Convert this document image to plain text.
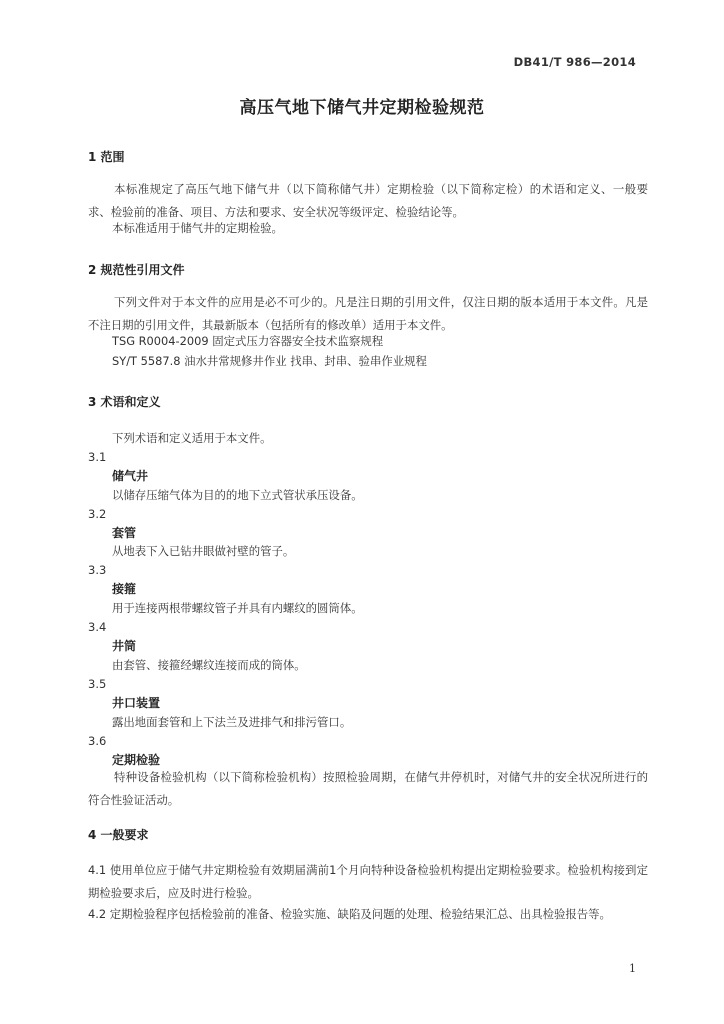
DB41/T 986—2014
高压气地下储气井定期检验规范
1 范围
本标准规定了高压气地下储气井（以下简称储气井）定期检验（以下简称定检）的术语和定义、一般要求、检验前的准备、项目、方法和要求、安全状况等级评定、检验结论等。
本标准适用于储气井的定期检验。
2 规范性引用文件
下列文件对于本文件的应用是必不可少的。凡是注日期的引用文件，仅注日期的版本适用于本文件。凡是不注日期的引用文件，其最新版本（包括所有的修改单）适用于本文件。
TSG R0004-2009 固定式压力容器安全技术监察规程
SY/T 5587.8 油水井常规修井作业 找串、封串、验串作业规程
3 术语和定义
下列术语和定义适用于本文件。
3.1
储气井
以储存压缩气体为目的的地下立式管状承压设备。
3.2
套管
从地表下入已钻井眼做衬壁的管子。
3.3
接箍
用于连接两根带螺纹管子并具有内螺纹的圆筒体。
3.4
井筒
由套管、接箍经螺纹连接而成的筒体。
3.5
井口装置
露出地面套管和上下法兰及进排气和排污管口。
3.6
定期检验
特种设备检验机构（以下简称检验机构）按照检验周期，在储气井停机时，对储气井的安全状况所进行的符合性验证活动。
4 一般要求
4.1 使用单位应于储气井定期检验有效期届满前1个月向特种设备检验机构提出定期检验要求。检验机构接到定期检验要求后，应及时进行检验。
4.2 定期检验程序包括检验前的准备、检验实施、缺陷及问题的处理、检验结果汇总、出具检验报告等。
1
